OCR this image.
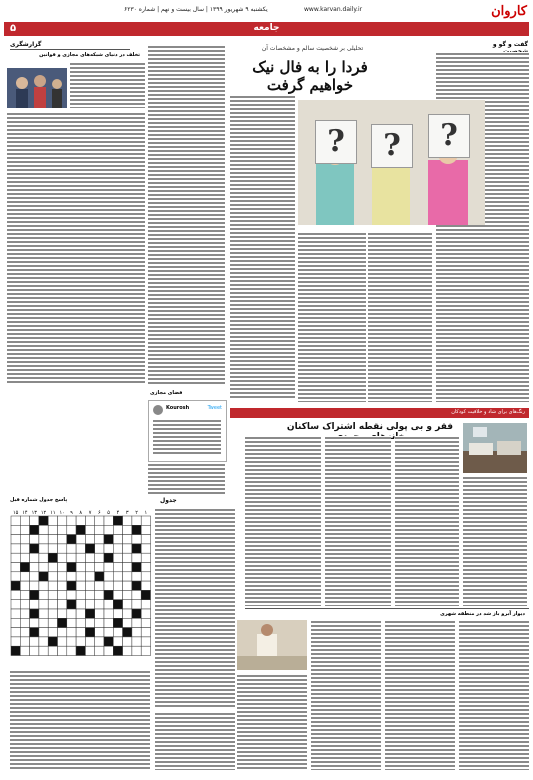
www.karvan.daily.ir
یکشنبه ۹ شهریور ۱۳۹۹ | سال بیست و نهم | شماره ۶۲۳۰	کاروان
جامعه
۵
گفت و گو و
گزارشگری
تخلف در دنیای شبکه‌های مجازی و قوانین
تحلیلی بر شخصیت سالم و مشخصات آن
فردا را به فال نیک خواهیم گرفت
?	?	?
فضای مجازی
Kourosh	Tweet
رنگ‌های برای شاد و خلاقیت کودکان
فقر و بی پولی نقطه اشتراک ساکنان
دیوار آبرو باز شد در منطقه شهری
جدول
پاسخ جدول شماره قبل
۱
۲
۳
۴
۵
۶
۷
۸
۹
۱۰
۱۱
۱۲
۱۳
۱۴
۱۵
